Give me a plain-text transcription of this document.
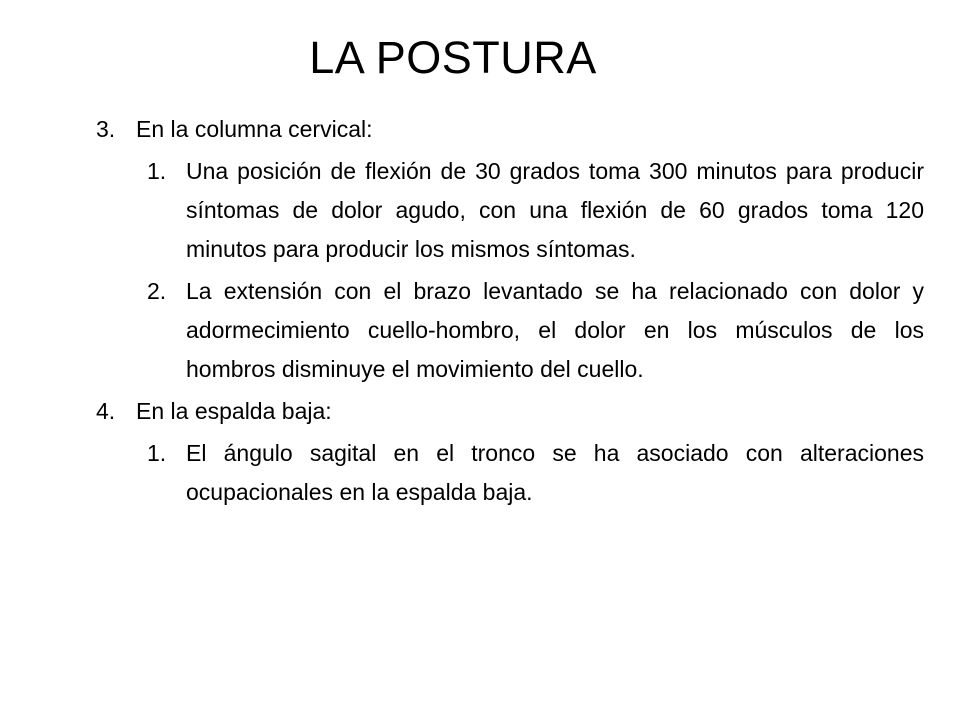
LA POSTURA
3. En la columna cervical:
1. Una posición de flexión de 30 grados toma 300 minutos para producir síntomas de dolor agudo, con una flexión de 60 grados toma 120 minutos para producir los mismos síntomas.
2. La extensión con el brazo levantado se ha relacionado con dolor y adormecimiento cuello-hombro, el dolor en los músculos de los hombros disminuye el movimiento del cuello.
4. En la espalda baja:
1. El ángulo sagital en el tronco se ha asociado con alteraciones ocupacionales en la espalda baja.
